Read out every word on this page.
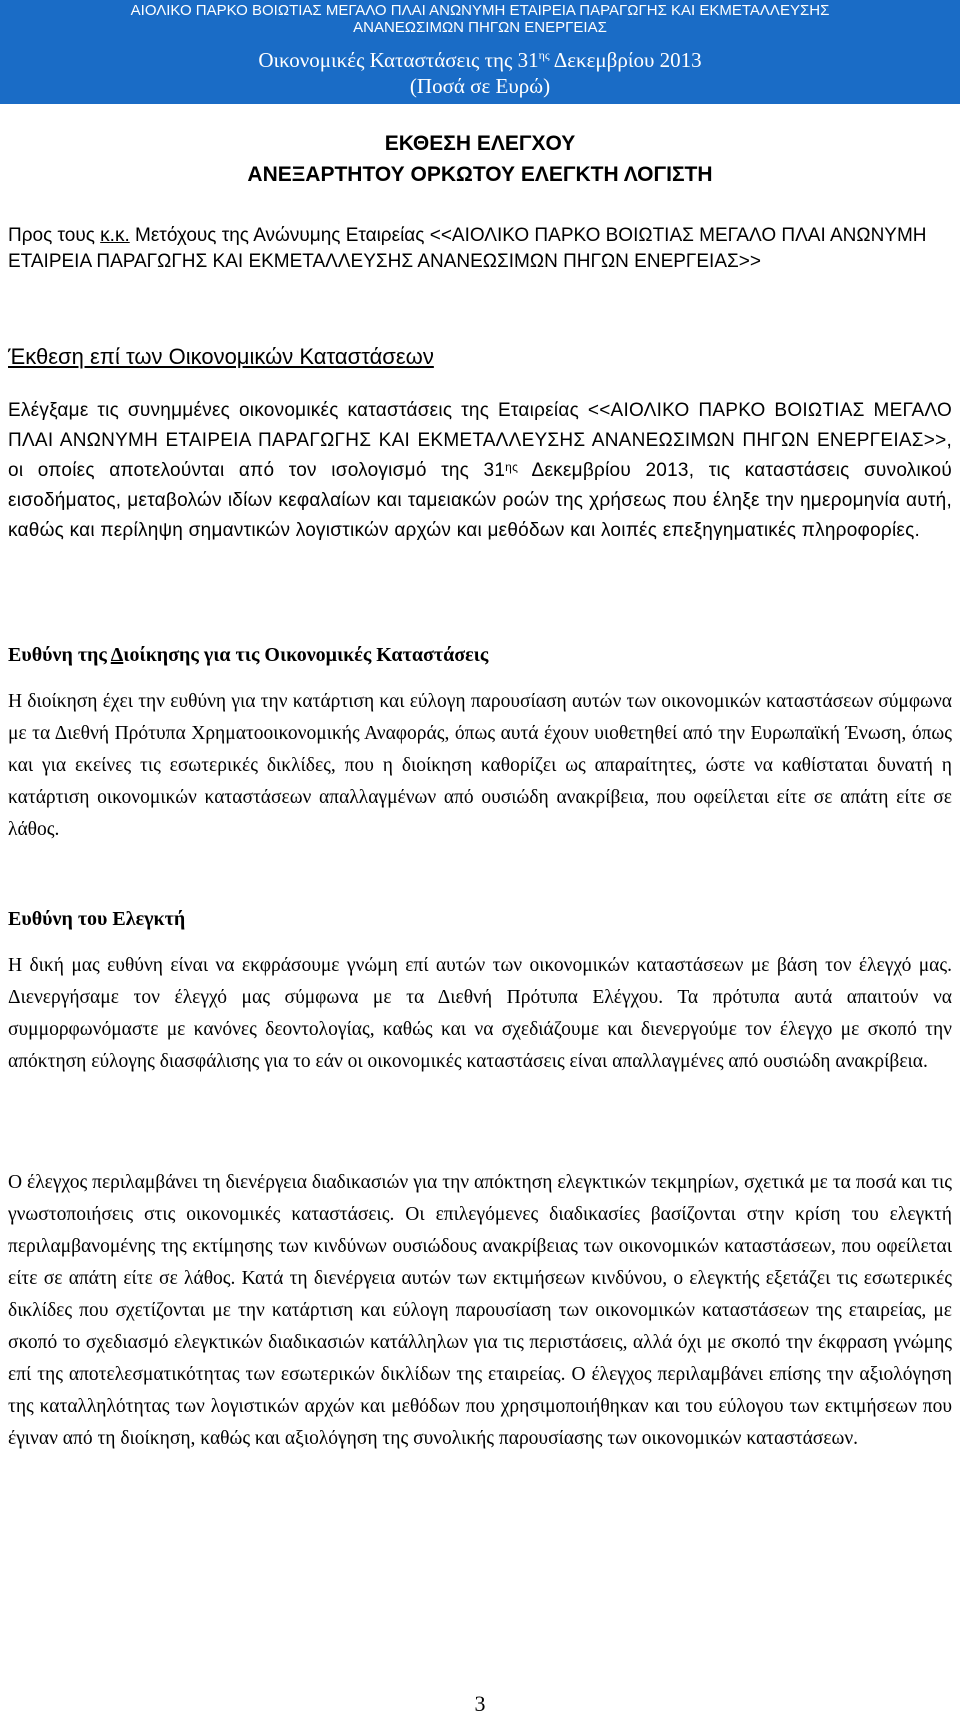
ΑΙΟΛΙΚΟ ΠΑΡΚΟ ΒΟΙΩΤΙΑΣ ΜΕΓΑΛΟ ΠΛΑΙ ΑΝΩΝΥΜΗ ΕΤΑΙΡΕΙΑ ΠΑΡΑΓΩΓΗΣ ΚΑΙ ΕΚΜΕΤΑΛΛΕΥΣΗΣ
ΑΝΑΝΕΩΣΙΜΩΝ ΠΗΓΩΝ ΕΝΕΡΓΕΙΑΣ
Οικονομικές Καταστάσεις της $31^{\eta\varsigma}$ Δεκεμβρίου 2013
(Ποσά σε Ευρώ)
ΕΚΘΕΣΗ ΕΛΕΓΧΟΥ
ΑΝΕΞΑΡΤΗΤΟΥ ΟΡΚΩΤΟΥ ΕΛΕΓΚΤΗ ΛΟΓΙΣΤΗ
Προς τους κ.κ. Μετόχους της Ανώνυμης Εταιρείας <<ΑΙΟΛΙΚΟ ΠΑΡΚΟ ΒΟΙΩΤΙΑΣ ΜΕΓΑΛΟ ΠΛΑΙ ΑΝΩΝΥΜΗ ΕΤΑΙΡΕΙΑ ΠΑΡΑΓΩΓΗΣ ΚΑΙ ΕΚΜΕΤΑΛΛΕΥΣΗΣ ΑΝΑΝΕΩΣΙΜΩΝ ΠΗΓΩΝ ΕΝΕΡΓΕΙΑΣ>>
Έκθεση επί των Οικονομικών Καταστάσεων
Ελέγξαμε τις συνημμένες οικονομικές καταστάσεις της Εταιρείας <<ΑΙΟΛΙΚΟ ΠΑΡΚΟ ΒΟΙΩΤΙΑΣ ΜΕΓΑΛΟ ΠΛΑΙ ΑΝΩΝΥΜΗ ΕΤΑΙΡΕΙΑ ΠΑΡΑΓΩΓΗΣ ΚΑΙ ΕΚΜΕΤΑΛΛΕΥΣΗΣ ΑΝΑΝΕΩΣΙΜΩΝ ΠΗΓΩΝ ΕΝΕΡΓΕΙΑΣ>>, οι οποίες αποτελούνται από τον ισολογισμό της $31^{\eta\varsigma}$ Δεκεμβρίου 2013, τις καταστάσεις συνολικού εισοδήματος, μεταβολών ιδίων κεφαλαίων και ταμειακών ροών της χρήσεως που έληξε την ημερομηνία αυτή, καθώς και περίληψη σημαντικών λογιστικών αρχών και μεθόδων και λοιπές επεξηγηματικές πληροφορίες.
Ευθύνη της Διοίκησης για τις Οικονομικές Καταστάσεις
Η διοίκηση έχει την ευθύνη για την κατάρτιση και εύλογη παρουσίαση αυτών των οικονομικών καταστάσεων σύμφωνα με τα Διεθνή Πρότυπα Χρηματοοικονομικής Αναφοράς, όπως αυτά έχουν υιοθετηθεί από την Ευρωπαϊκή Ένωση, όπως και για εκείνες τις εσωτερικές δικλίδες, που η διοίκηση καθορίζει ως απαραίτητες, ώστε να καθίσταται δυνατή η κατάρτιση οικονομικών καταστάσεων απαλλαγμένων από ουσιώδη ανακρίβεια, που οφείλεται είτε σε απάτη είτε σε λάθος.
Ευθύνη του Ελεγκτή
Η δική μας ευθύνη είναι να εκφράσουμε γνώμη επί αυτών των οικονομικών καταστάσεων με βάση τον έλεγχό μας. Διενεργήσαμε τον έλεγχό μας σύμφωνα με τα Διεθνή Πρότυπα Ελέγχου. Τα πρότυπα αυτά απαιτούν να συμμορφωνόμαστε με κανόνες δεοντολογίας, καθώς και να σχεδιάζουμε και διενεργούμε τον έλεγχο με σκοπό την απόκτηση εύλογης διασφάλισης για το εάν οι οικονομικές καταστάσεις είναι απαλλαγμένες από ουσιώδη ανακρίβεια.
Ο έλεγχος περιλαμβάνει τη διενέργεια διαδικασιών για την απόκτηση ελεγκτικών τεκμηρίων, σχετικά με τα ποσά και τις γνωστοποιήσεις στις οικονομικές καταστάσεις. Οι επιλεγόμενες διαδικασίες βασίζονται στην κρίση του ελεγκτή περιλαμβανομένης της εκτίμησης των κινδύνων ουσιώδους ανακρίβειας των οικονομικών καταστάσεων, που οφείλεται είτε σε απάτη είτε σε λάθος. Κατά τη διενέργεια αυτών των εκτιμήσεων κινδύνου, ο ελεγκτής εξετάζει τις εσωτερικές δικλίδες που σχετίζονται με την κατάρτιση και εύλογη παρουσίαση των οικονομικών καταστάσεων της εταιρείας, με σκοπό το σχεδιασμό ελεγκτικών διαδικασιών κατάλληλων για τις περιστάσεις, αλλά όχι με σκοπό την έκφραση γνώμης επί της αποτελεσματικότητας των εσωτερικών δικλίδων της εταιρείας. Ο έλεγχος περιλαμβάνει επίσης την αξιολόγηση της καταλληλότητας των λογιστικών αρχών και μεθόδων που χρησιμοποιήθηκαν και του εύλογου των εκτιμήσεων που έγιναν από τη διοίκηση, καθώς και αξιολόγηση της συνολικής παρουσίασης των οικονομικών καταστάσεων.
3
